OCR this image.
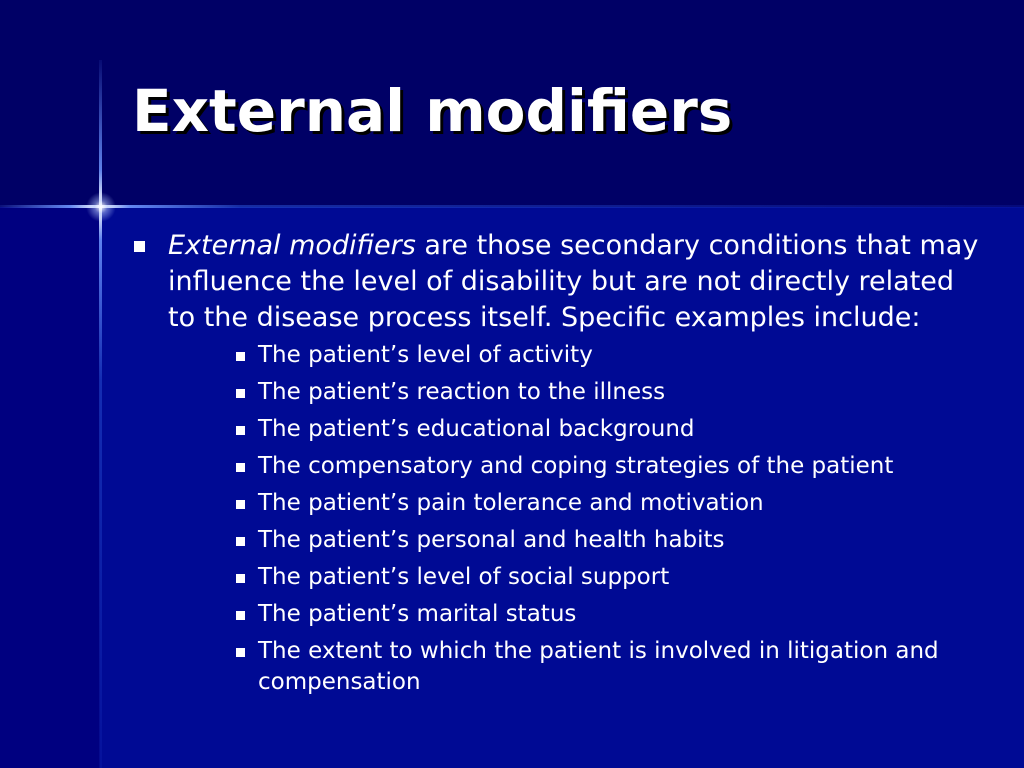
External modifiers
External modifiers are those secondary conditions that may influence the level of disability but are not directly related to the disease process itself. Specific examples include:
The patient’s level of activity
The patient’s reaction to the illness
The patient’s educational background
The compensatory and coping strategies of the patient
The patient’s pain tolerance and motivation
The patient’s personal and health habits
The patient’s level of social support
The patient’s marital status
The extent to which the patient is involved in litigation and compensation
